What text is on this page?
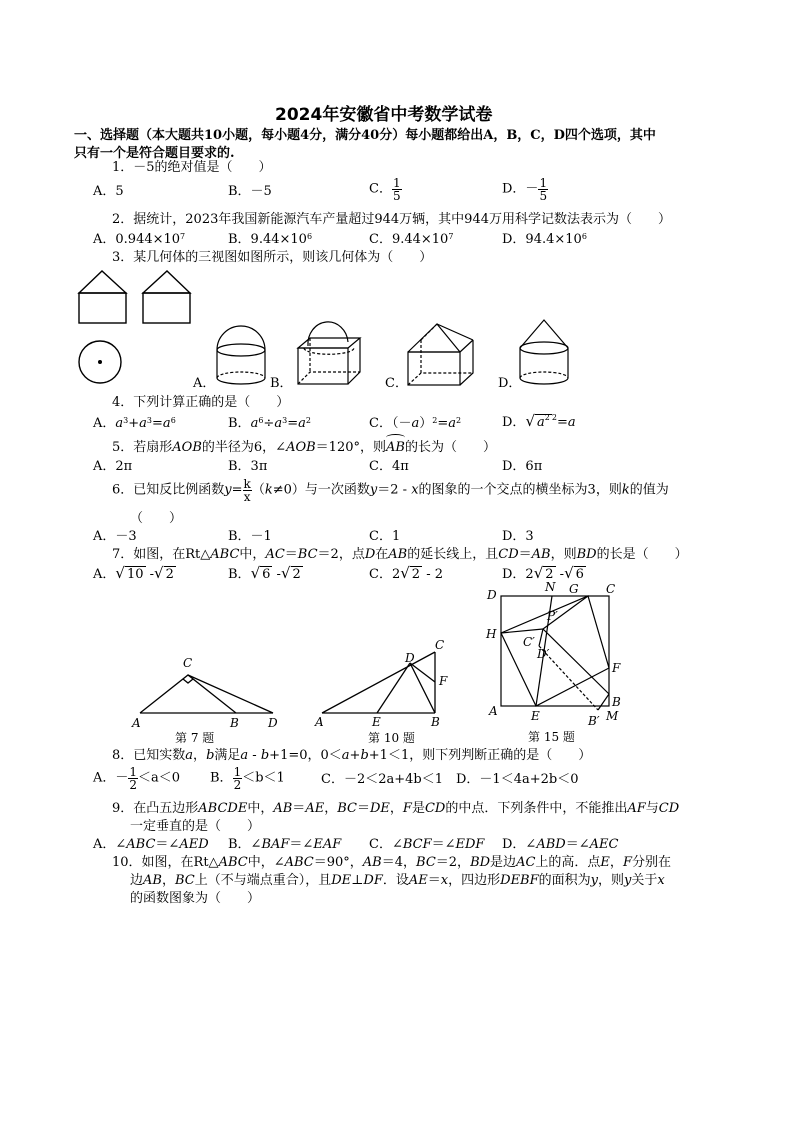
2024年安徽省中考数学试卷
一、选择题（本大题共10小题，每小题4分，满分40分）每小题都给出A，B，C，D四个选项，其中
只有一个是符合题目要求的.
1．－5的绝对值是（　　）
A．5	B．－5	C． $\frac{1}{5}$	D．－ $\frac{1}{5}$
2．据统计，2023年我国新能源汽车产量超过944万辆，其中944万用科学记数法表示为（　　）
A．$0.944\times 10^7$	B．$9.44\times 10^6$	C．$9.44\times 10^7$	D．$94.4\times 10^6$
3．某几何体的三视图如图所示，则该几何体为（　　）
A．	B．	C．	D．
4．下列计算正确的是（　　）
A．$a^3+a^3=a^6$	B．$a^6\div a^3=a^2$	C．$(-a)^2=a^2$	D．√ $a^2$ $^2$=a
5．若扇形AOB的半径为6，∠AOB＝120°，则
AB的长为（　　）
A．2π	B．3π	C．4π	D．6π
6．已知反比例函数$y= \frac{k}{x} (k\ne 0)$与一次函数y＝2 - x的图象的一个交点的横坐标为3，则k的值为
（　　）
A．－3	B．－1	C．1	D．3
7．如图，在Rt△ABC中，AC＝BC＝2，点D在AB的延长线上，且CD＝AB，则BD的长是（　　）
A．√ 10 -√ 2	B．√ 6 -√ 2	C．2√ 2 - 2	D．2√ 2 -√ 6
A
C
B D
第 7 题
A	E	B
C
D
F
第 10 题
D
N G C
P′
H
C′
D′
F
B
A	E	B′ M
第 15 题
8．已知实数a，b满足a - b+1=0，0＜a+b+1＜1，则下列判断正确的是（　　）
A．－ $\frac{1}{2} <a<0$ B． $\frac{1}{2} <b<1$	C．－2＜2a+4b＜1 D．－1＜4a+2b＜0
9．在凸五边形ABCDE中，AB＝AE，BC＝DE，F是CD的中点．下列条件中，不能推出AF与CD
一定垂直的是（　　）
A．∠ABC＝∠AED B．∠BAF＝∠EAF C．∠BCF＝∠EDF D．∠ABD＝∠AEC
10．如图，在Rt△ABC中，∠ABC＝90°，AB＝4，BC＝2，BD是边AC上的高．点E，F分别在
边AB，BC上（不与端点重合），且DE⊥DF．设AE＝x，四边形DEBF的面积为y，则y关于x
的函数图象为（　　）
